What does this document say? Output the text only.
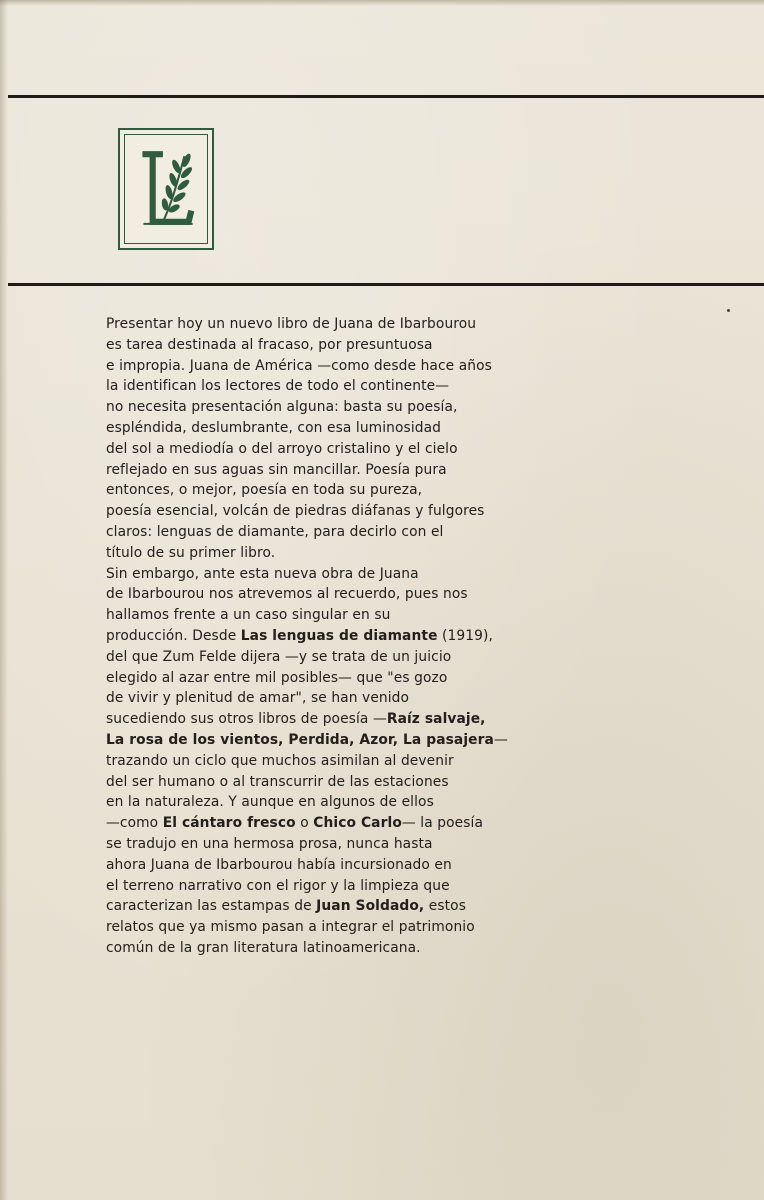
Presentar hoy un nuevo libro de Juana de Ibarbourou
es tarea destinada al fracaso, por presuntuosa
e impropia. Juana de América —como desde hace años
la identifican los lectores de todo el continente—
no necesita presentación alguna: basta su poesía,
espléndida, deslumbrante, con esa luminosidad
del sol a mediodía o del arroyo cristalino y el cielo
reflejado en sus aguas sin mancillar. Poesía pura
entonces, o mejor, poesía en toda su pureza,
poesía esencial, volcán de piedras diáfanas y fulgores
claros: lenguas de diamante, para decirlo con el
título de su primer libro.
Sin embargo, ante esta nueva obra de Juana
de Ibarbourou nos atrevemos al recuerdo, pues nos
hallamos frente a un caso singular en su
producción. Desde Las lenguas de diamante (1919),
del que Zum Felde dijera —y se trata de un juicio
elegido al azar entre mil posibles— que "es gozo
de vivir y plenitud de amar", se han venido
sucediendo sus otros libros de poesía —Raíz salvaje,
La rosa de los vientos, Perdida, Azor, La pasajera—
trazando un ciclo que muchos asimilan al devenir
del ser humano o al transcurrir de las estaciones
en la naturaleza. Y aunque en algunos de ellos
—como El cántaro fresco o Chico Carlo— la poesía
se tradujo en una hermosa prosa, nunca hasta
ahora Juana de Ibarbourou había incursionado en
el terreno narrativo con el rigor y la limpieza que
caracterizan las estampas de Juan Soldado, estos
relatos que ya mismo pasan a integrar el patrimonio
común de la gran literatura latinoamericana.
